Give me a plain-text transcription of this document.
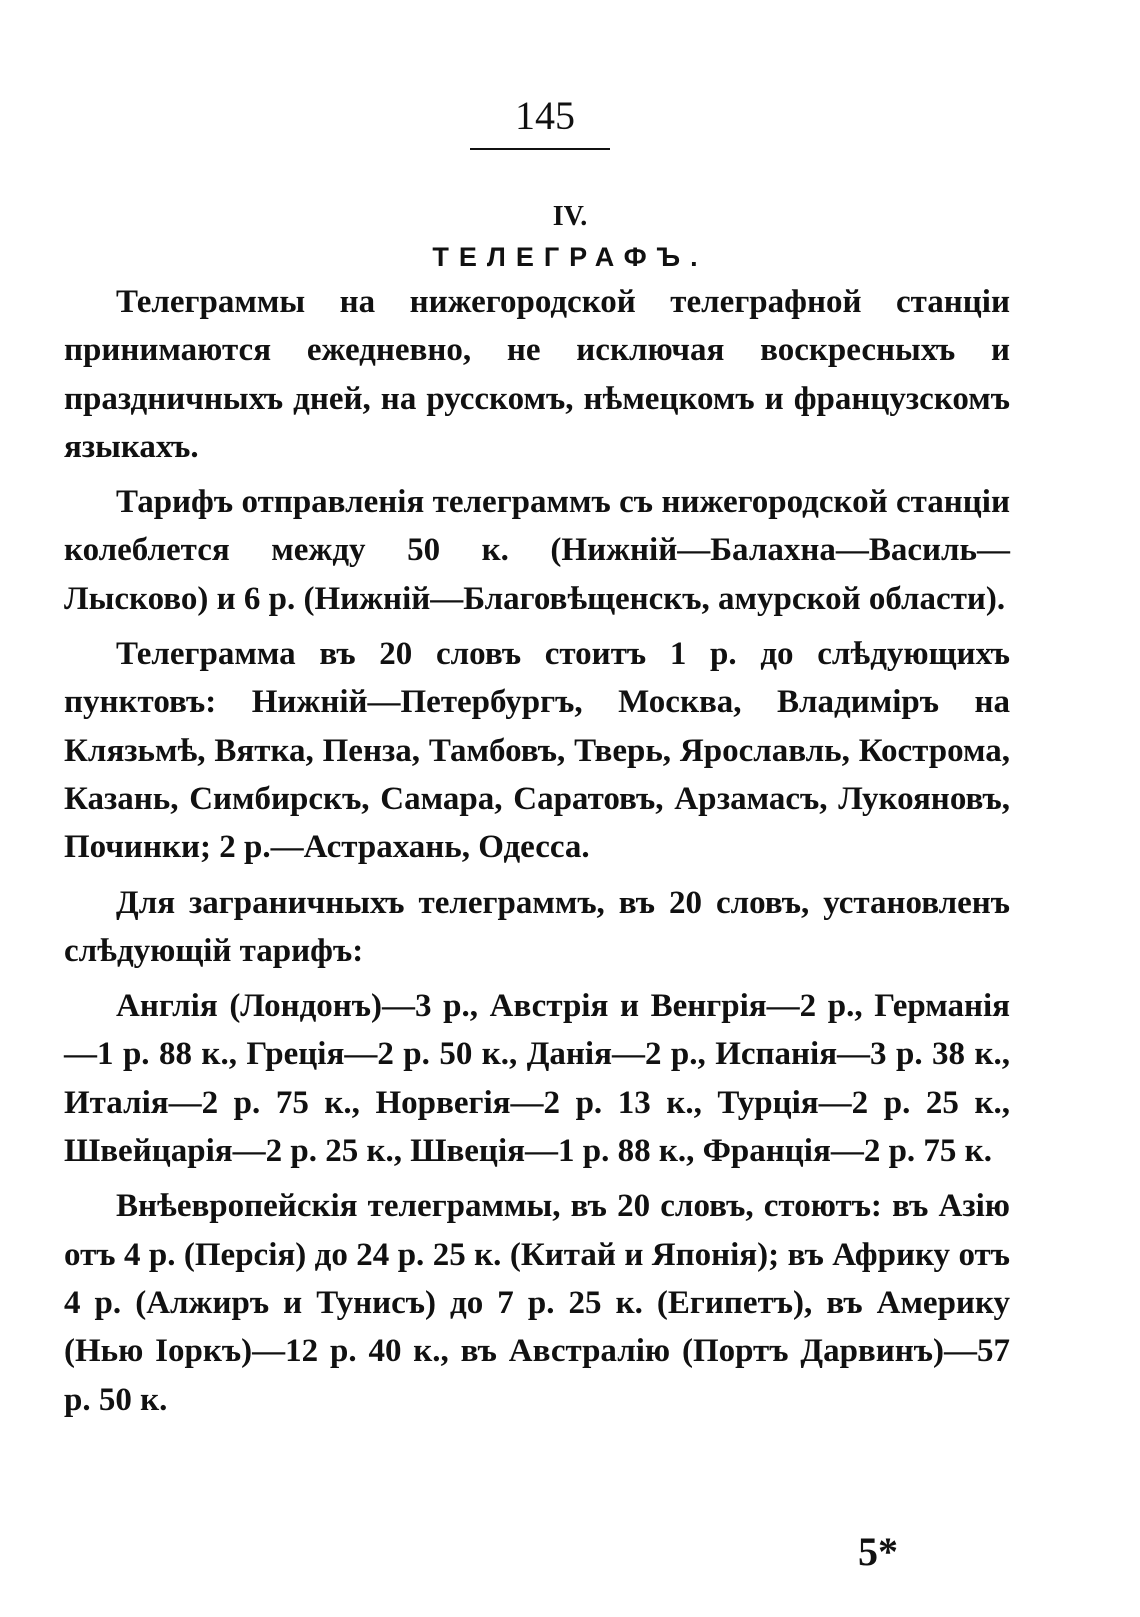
145
IV.
ТЕЛЕГРАФЪ.

Телеграммы на нижегородской телеграфной станціи принимаются ежедневно, не исключая воскресныхъ и праздничныхъ дней, на русскомъ, нѣмецкомъ и французскомъ языкахъ.

Тарифъ отправленія телеграммъ съ нижегородской станціи колеблется между 50 к. (Нижній—Балахна—Василь—Лысково) и 6 р. (Нижній—Благовѣщенскъ, амурской области).

Телеграмма въ 20 словъ стоитъ 1 р. до слѣдующихъ пунктовъ: Нижній—Петербургъ, Москва, Владиміръ на Клязьмѣ, Вятка, Пенза, Тамбовъ, Тверь, Ярославль, Кострома, Казань, Симбирскъ, Самара, Саратовъ, Арзамасъ, Лукояновъ, Починки; 2 р.—Астрахань, Одесса.

Для заграничныхъ телеграммъ, въ 20 словъ, установленъ слѣдующій тарифъ:

Англія (Лондонъ)—3 р., Австрія и Венгрія—2 р., Германія—1 р. 88 к., Греція—2 р. 50 к., Данія—2 р., Испанія—3 р. 38 к., Италія—2 р. 75 к., Норвегія—2 р. 13 к., Турція—2 р. 25 к., Швейцарія—2 р. 25 к., Швеція—1 р. 88 к., Франція—2 р. 75 к.

Внѣевропейскія телеграммы, въ 20 словъ, стоютъ: въ Азію отъ 4 р. (Персія) до 24 р. 25 к. (Китай и Японія); въ Африку отъ 4 р. (Алжиръ и Тунисъ) до 7 р. 25 к. (Египетъ), въ Америку (Нью Іоркъ)—12 р. 40 к., въ Австралію (Портъ Дарвинъ)—57 р. 50 к.

5*
